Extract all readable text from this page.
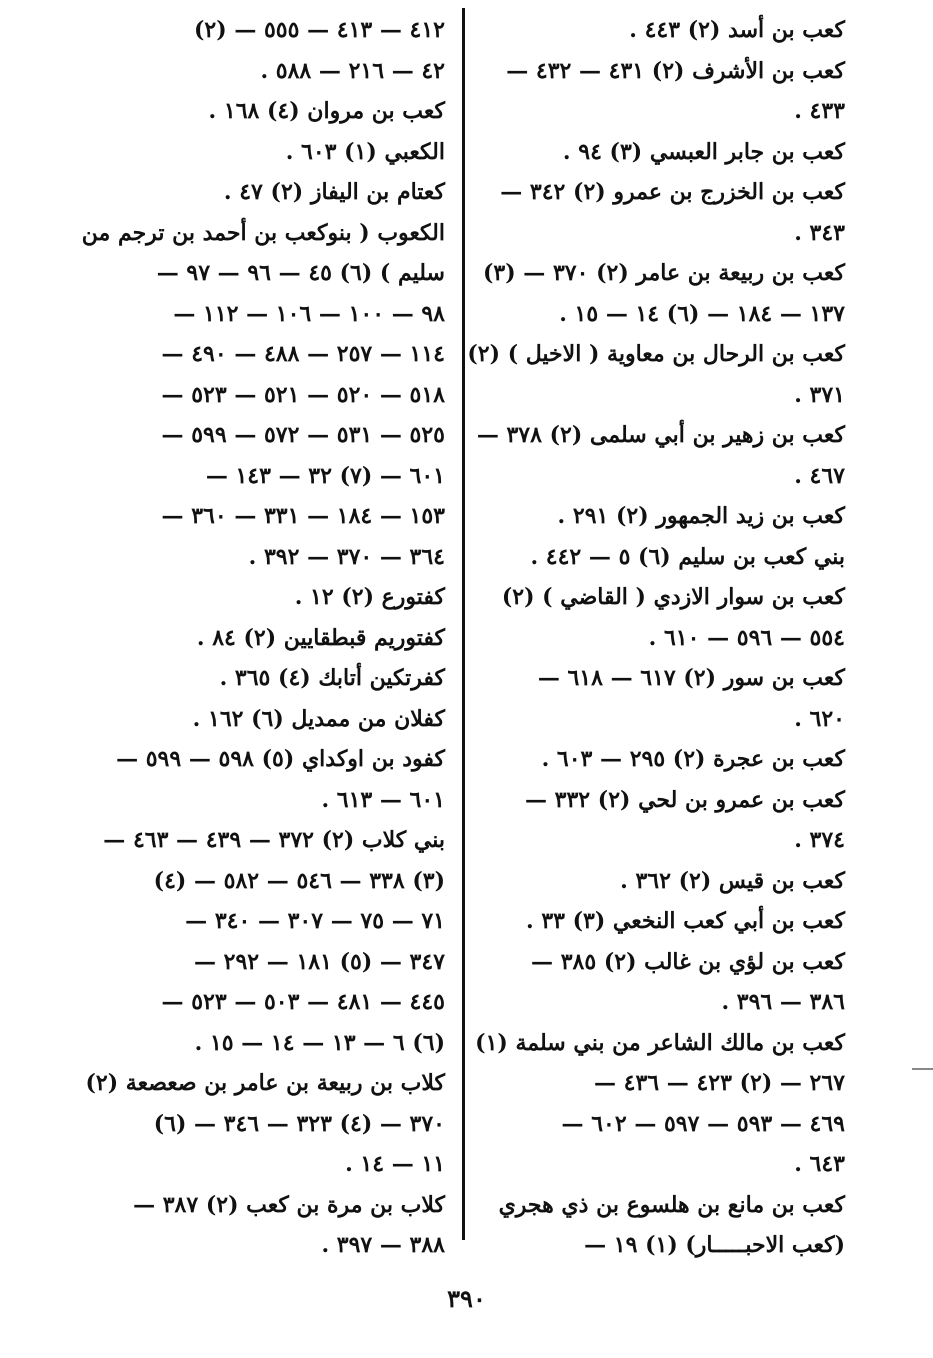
كعب بن أسد (٢) ٤٤٣ .
كعب بن الأشرف (٢) ٤٣١ — ٤٣٢ —
٤٣٣ .
كعب بن جابر العبسي (٣) ٩٤ .
كعب بن الخزرج بن عمرو (٢) ٣٤٢ —
٣٤٣ .
كعب بن ربيعة بن عامر (٢) ٣٧٠ — (٣)
١٣٧ — ١٨٤ — (٦) ١٤ — ١٥ .
كعب بن الرحال بن معاوية ( الاخيل ) (٢)
٣٧١ .
كعب بن زهير بن أبي سلمى (٢) ٣٧٨ —
٤٦٧ .
كعب بن زيد الجمهور (٢) ٢٩١ .
بني كعب بن سليم (٦) ٥ — ٤٤٢ .
كعب بن سوار الازدي ( القاضي ) (٢)
٥٥٤ — ٥٩٦ — ٦١٠ .
كعب بن سور (٢) ٦١٧ — ٦١٨ —
٦٢٠ .
كعب بن عجرة (٢) ٢٩٥ — ٦٠٣ .
كعب بن عمرو بن لحي (٢) ٣٣٢ —
٣٧٤ .
كعب بن قيس (٢) ٣٦٢ .
كعب بن أبي كعب النخعي (٣) ٣٣ .
كعب بن لؤي بن غالب (٢) ٣٨٥ —
٣٨٦ — ٣٩٦ .
كعب بن مالك الشاعر من بني سلمة (١)
٢٦٧ — (٢) ٤٢٣ — ٤٣٦ —
٤٦٩ — ٥٩٣ — ٥٩٧ — ٦٠٢ —
٦٤٣ .
كعب بن مانع بن هلسوع بن ذي هجري
(كعب الاحبـــــار) (١) ١٩ —
٤١٢ — ٤١٣ — ٥٥٥ — (٢)
٤٢ — ٢١٦ — ٥٨٨ .
كعب بن مروان (٤) ١٦٨ .
الكعبي (١) ٦٠٣ .
كعتام بن اليفاز (٢) ٤٧ .
الكعوب ( بنوكعب بن أحمد بن ترجم من
سليم ) (٦) ٤٥ — ٩٦ — ٩٧ —
٩٨ — ١٠٠ — ١٠٦ — ١١٢ —
١١٤ — ٢٥٧ — ٤٨٨ — ٤٩٠ —
٥١٨ — ٥٢٠ — ٥٢١ — ٥٢٣ —
٥٢٥ — ٥٣١ — ٥٧٢ — ٥٩٩ —
٦٠١ — (٧) ٣٢ — ١٤٣ —
١٥٣ — ١٨٤ — ٣٣١ — ٣٦٠ —
٣٦٤ — ٣٧٠ — ٣٩٢ .
كفتورع (٢) ١٢ .
كفتوريم قبطقايين (٢) ٨٤ .
كفرتكين أتابك (٤) ٣٦٥ .
كفلان من ممديل (٦) ١٦٢ .
كفود بن اوكداي (٥) ٥٩٨ — ٥٩٩ —
٦٠١ — ٦١٣ .
بني كلاب (٢) ٣٧٢ — ٤٣٩ — ٤٦٣ —
(٣) ٣٣٨ — ٥٤٦ — ٥٨٢ — (٤)
٧١ — ٧٥ — ٣٠٧ — ٣٤٠ —
٣٤٧ — (٥) ١٨١ — ٢٩٢ —
٤٤٥ — ٤٨١ — ٥٠٣ — ٥٢٣ —
(٦) ٦ — ١٣ — ١٤ — ١٥ .
كلاب بن ربيعة بن عامر بن صعصعة (٢)
٣٧٠ — (٤) ٣٢٣ — ٣٤٦ — (٦)
١١ — ١٤ .
كلاب بن مرة بن كعب (٢) ٣٨٧ —
٣٨٨ — ٣٩٧ .
٣٩٠
